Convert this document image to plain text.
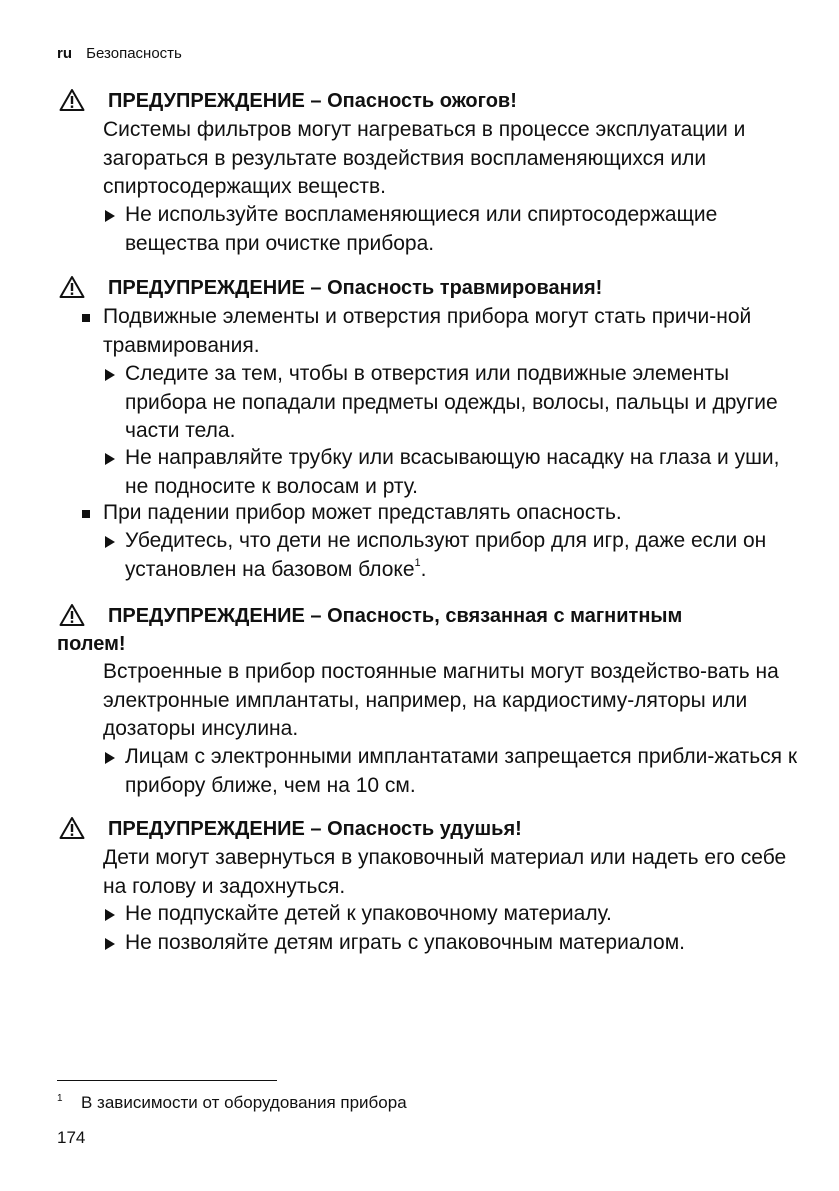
ru Безопасность
ПРЕДУПРЕЖДЕНИЕ – Опасность ожогов!
Системы фильтров могут нагреваться в процессе эксплуатации и загораться в результате воздействия воспламеняющихся или спиртосодержащих веществ.
Не используйте воспламеняющиеся или спиртосодержащие вещества при очистке прибора.
ПРЕДУПРЕЖДЕНИЕ – Опасность травмирования!
Подвижные элементы и отверстия прибора могут стать причи-ной травмирования.
Следите за тем, чтобы в отверстия или подвижные элементы прибора не попадали предметы одежды, волосы, пальцы и другие части тела.
Не направляйте трубку или всасывающую насадку на глаза и уши, не подносите к волосам и рту.
При падении прибор может представлять опасность.
Убедитесь, что дети не используют прибор для игр, даже если он установлен на базовом блоке$^1$.
ПРЕДУПРЕЖДЕНИЕ – Опасность, связанная с магнитным
полем!
Встроенные в прибор постоянные магниты могут воздейство-вать на электронные имплантаты, например, на кардиостиму-ляторы или дозаторы инсулина.
Лицам с электронными имплантатами запрещается прибли-жаться к прибору ближе, чем на 10 см.
ПРЕДУПРЕЖДЕНИЕ – Опасность удушья!
Дети могут завернуться в упаковочный материал или надеть его себе на голову и задохнуться.
Не подпускайте детей к упаковочному материалу.
Не позволяйте детям играть с упаковочным материалом.
1 В зависимости от оборудования прибора
174
